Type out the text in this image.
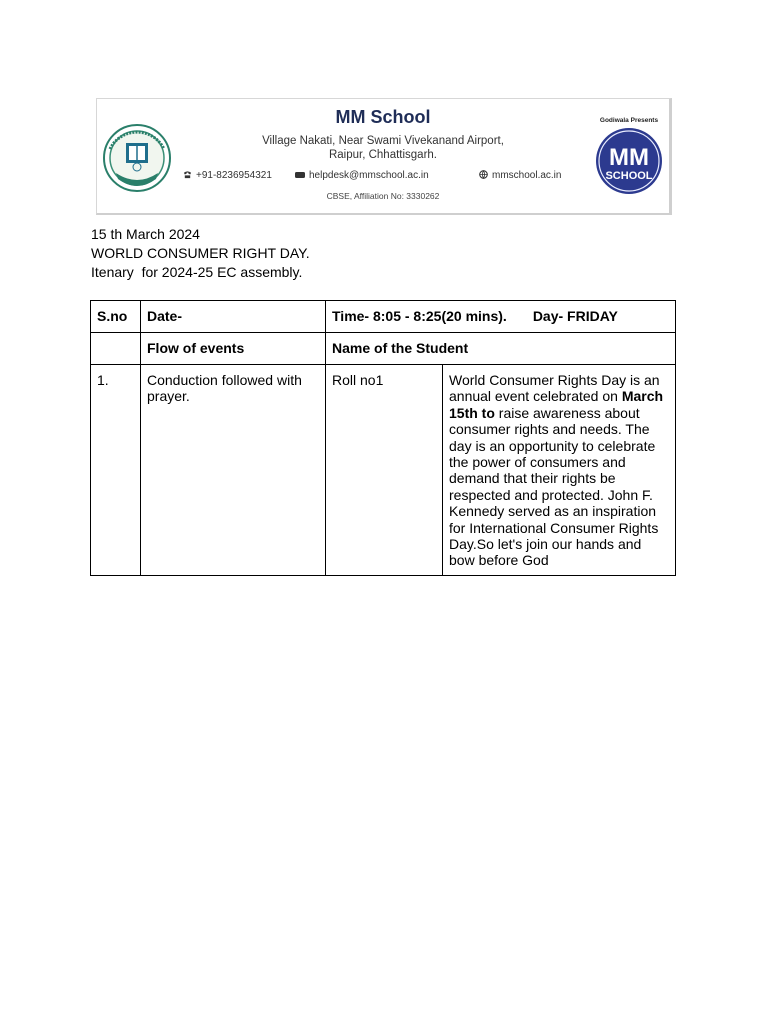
MM School
Village Nakati, Near Swami Vivekanand Airport,
Raipur, Chhattisgarh.
+91-8236954321	helpdesk@mmschool.ac.in	mmschool.ac.in
CBSE, Affiliation No: 3330262
Godiwala Presents
MM
SCHOOL
15 th March 2024
WORLD CONSUMER RIGHT DAY.
Itenary  for 2024-25 EC assembly.
S.no	Date-	Time- 8:05 - 8:25(20 mins). Day- FRIDAY	
	Flow of events	Name of the Student	
1.	Conduction followed with prayer.	Roll no1	World Consumer Rights Day is an annual event celebrated on March 15th to raise awareness about consumer rights and needs. The day is an opportunity to celebrate the power of consumers and demand that their rights be respected and protected. John F. Kennedy served as an inspiration for International Consumer Rights Day.So let's join our hands and bow before God
